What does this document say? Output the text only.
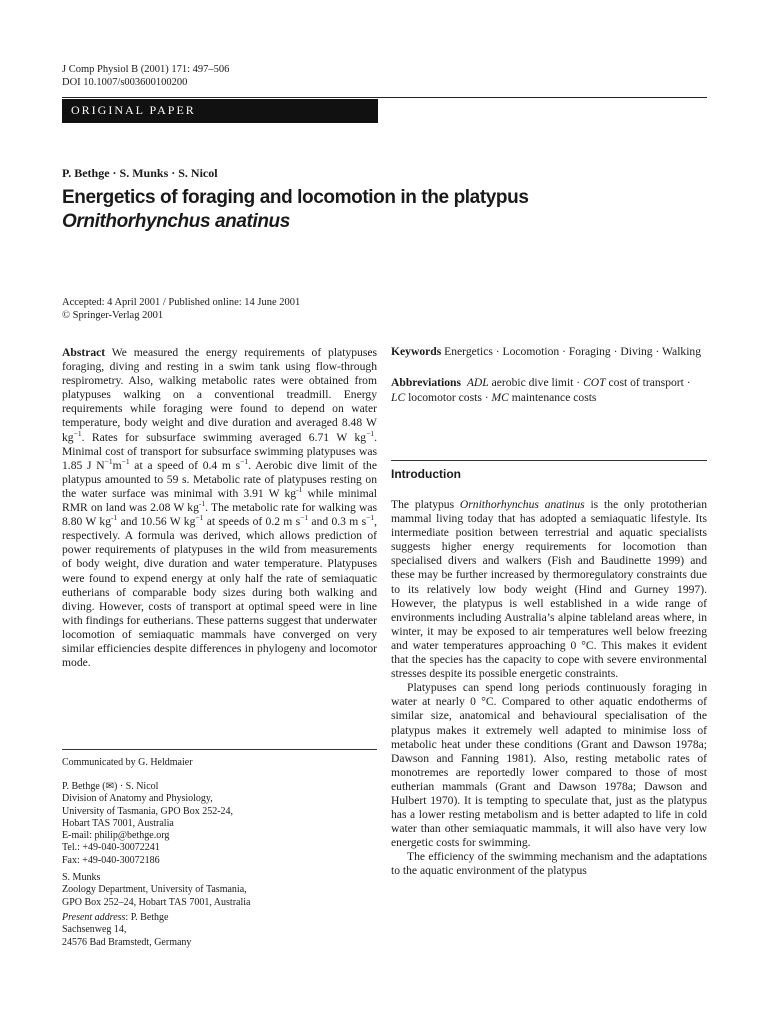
J Comp Physiol B (2001) 171: 497–506
DOI 10.1007/s003600100200
ORIGINAL PAPER
P. Bethge · S. Munks · S. Nicol
Energetics of foraging and locomotion in the platypus
Ornithorhynchus anatinus
Accepted: 4 April 2001 / Published online: 14 June 2001
© Springer-Verlag 2001

Abstract We measured the energy requirements of platypuses foraging, diving and resting in a swim tank using flow-through respirometry. Also, walking metabolic rates were obtained from platypuses walking on a conventional treadmill. Energy requirements while foraging were found to depend on water temperature, body weight and dive duration and averaged 8.48 W $kg^{-1}$. Rates for subsurface swimming averaged 6.71 W $kg^{-1}$. Minimal cost of transport for subsurface swimming platypuses was 1.85 J $N^{-1}m^{-1}$ at a speed of 0.4 m $s^{-1}$. Aerobic dive limit of the platypus amounted to 59 s. Metabolic rate of platypuses resting on the water surface was minimal with 3.91 W $kg^{-1}$ while minimal RMR on land was 2.08 W $kg^{-1}$. The metabolic rate for walking was 8.80 W $kg^{-1}$ and 10.56 W $kg^{-1}$ at speeds of 0.2 m $s^{-1}$ and 0.3 m $s^{-1}$, respectively. A formula was derived, which allows prediction of power requirements of platypuses in the wild from measurements of body weight, dive duration and water temperature. Platypuses were found to expend energy at only half the rate of semiaquatic eutherians of comparable body sizes during both walking and diving. However, costs of transport at optimal speed were in line with findings for eutherians. These patterns suggest that underwater locomotion of semiaquatic mammals have converged on very similar efficiencies despite differences in phylogeny and locomotor mode.

Communicated by G. Heldmaier
P. Bethge (✉) · S. Nicol
Division of Anatomy and Physiology,
University of Tasmania, GPO Box 252-24,
Hobart TAS 7001, Australia
E-mail: philip@bethge.org
Tel.: +49-040-30072241
Fax: +49-040-30072186
S. Munks
Zoology Department, University of Tasmania,
GPO Box 252–24, Hobart TAS 7001, Australia
Present address: P. Bethge
Sachsenweg 14,
24576 Bad Bramstedt, Germany
Keywords Energetics · Locomotion · Foraging · Diving · Walking
Abbreviations ADL aerobic dive limit · COT cost of transport · LC locomotor costs · MC maintenance costs
Introduction

The platypus Ornithorhynchus anatinus is the only prototherian mammal living today that has adopted a semiaquatic lifestyle. Its intermediate position between terrestrial and aquatic specialists suggests higher energy requirements for locomotion than specialised divers and walkers (Fish and Baudinette 1999) and these may be further increased by thermoregulatory constraints due to its relatively low body weight (Hind and Gurney 1997). However, the platypus is well established in a wide range of environments including Australia’s alpine tableland areas where, in winter, it may be exposed to air temperatures well below freezing and water temperatures approaching 0 °C. This makes it evident that the species has the capacity to cope with severe environmental stresses despite its possible energetic constraints.

Platypuses can spend long periods continuously foraging in water at nearly 0 °C. Compared to other aquatic endotherms of similar size, anatomical and behavioural specialisation of the platypus makes it extremely well adapted to minimise loss of metabolic heat under these conditions (Grant and Dawson 1978a; Dawson and Fanning 1981). Also, resting metabolic rates of monotremes are reportedly lower compared to those of most eutherian mammals (Grant and Dawson 1978a; Dawson and Hulbert 1970). It is tempting to speculate that, just as the platypus has a lower resting metabolism and is better adapted to life in cold water than other semiaquatic mammals, it will also have very low energetic costs for swimming.

The efficiency of the swimming mechanism and the adaptations to the aquatic environment of the platypus
